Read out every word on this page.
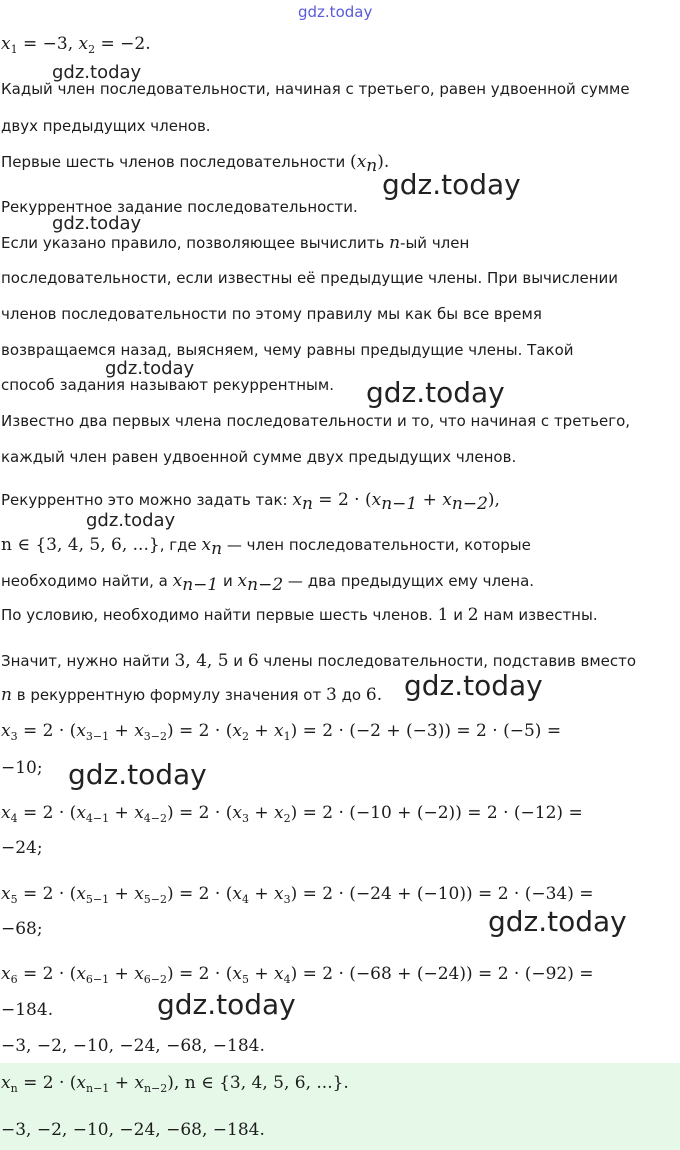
gdz.today
gdz.today
gdz.today
gdz.today
gdz.today
gdz.today
gdz.today
gdz.today
gdz.today
gdz.today
gdz.today
$x_1 = -3$, $x_2 = -2$.
Кадый член последовательности, начиная с третьего, равен удвоенной сумме
двух предыдущих членов.
Первые шесть членов последовательности $(x_n)$.
Рекуррентное задание последовательности.
Если указано правило, позволяющее вычислить n-ый член
последовательности, если известны её предыдущие члены. При вычислении
членов последовательности по этому правилу мы как бы все время
возвращаемся назад, выясняем, чему равны предыдущие члены. Такой
способ задания называют рекуррентным.
Известно два первых члена последовательности и то, что начиная с третьего,
каждый член равен удвоенной сумме двух предыдущих членов.
Рекуррентно это можно задать так: $x_n = 2 \cdot (x_{n-1} + x_{n-2})$,
n ∈ {3, 4, 5, 6, ...}, где $x_n$ — член последовательности, которые
необходимо найти, а $x_{n-1}$ и $x_{n-2}$ — два предыдущих ему члена.
По условию, необходимо найти первые шесть членов. 1 и 2 нам известны.
Значит, нужно найти 3, 4, 5 и 6 члены последовательности, подставив вместо
n в рекуррентную формулу значения от 3 до 6.
$x_3 = 2 \cdot (x_{3-1} + x_{3-2}) = 2 \cdot (x_2 + x_1) = 2 \cdot (-2 + (-3)) = 2 \cdot (-5)$ =
−10;
$x_4 = 2 \cdot (x_{4-1} + x_{4-2}) = 2 \cdot (x_3 + x_2) = 2 \cdot (-10 + (-2)) = 2 \cdot (-12)$ =
−24;
$x_5 = 2 \cdot (x_{5-1} + x_{5-2}) = 2 \cdot (x_4 + x_3) = 2 \cdot (-24 + (-10)) = 2 \cdot (-34)$ =
−68;
$x_6 = 2 \cdot (x_{6-1} + x_{6-2}) = 2 \cdot (x_5 + x_4) = 2 \cdot (-68 + (-24)) = 2 \cdot (-92)$ =
−184.
−3, −2, −10, −24, −68, −184.
$x_n = 2 \cdot (x_{n-1} + x_{n-2})$, n ∈ {3, 4, 5, 6, ...}.
−3, −2, −10, −24, −68, −184.
